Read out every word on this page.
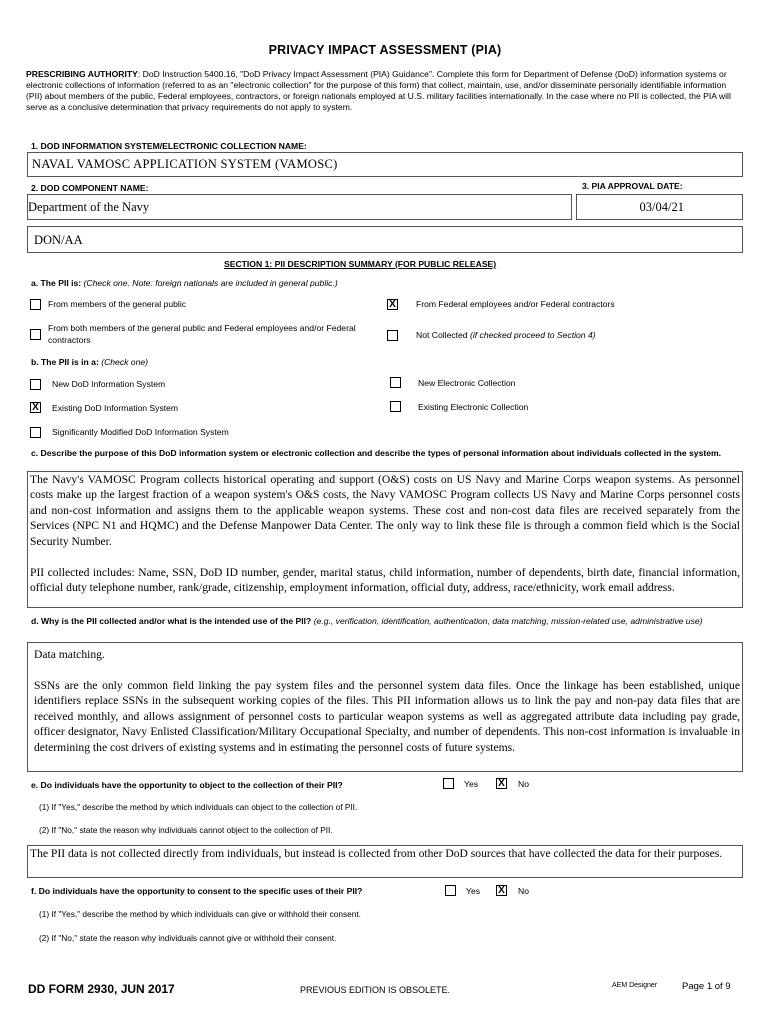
PRIVACY IMPACT ASSESSMENT (PIA)
PRESCRIBING AUTHORITY: DoD Instruction 5400.16, "DoD Privacy Impact Assessment (PIA) Guidance". Complete this form for Department of Defense (DoD) information systems or electronic collections of information (referred to as an "electronic collection" for the purpose of this form) that collect, maintain, use, and/or disseminate personally identifiable information (PII) about members of the public, Federal employees, contractors, or foreign nationals employed at U.S. military facilities internationally. In the case where no PII is collected, the PIA will serve as a conclusive determination that privacy requirements do not apply to system.
1. DOD INFORMATION SYSTEM/ELECTRONIC COLLECTION NAME:
NAVAL VAMOSC APPLICATION SYSTEM (VAMOSC)
2. DOD COMPONENT NAME:	3. PIA APPROVAL DATE:
Department of the Navy	03/04/21
DON/AA
SECTION 1: PII DESCRIPTION SUMMARY (FOR PUBLIC RELEASE)
a. The PII is: (Check one. Note: foreign nationals are included in general public.)
From members of the general public	X From Federal employees and/or Federal contractors
From both members of the general public and Federal employees and/or Federal contractors	Not Collected (if checked proceed to Section 4)
b. The PII is in a: (Check one)
New DoD Information System	New Electronic Collection
X Existing DoD Information System	Existing Electronic Collection
Significantly Modified DoD Information System
c. Describe the purpose of this DoD information system or electronic collection and describe the types of personal information about individuals collected in the system.
The Navy's VAMOSC Program collects historical operating and support (O&S) costs on US Navy and Marine Corps weapon systems. As personnel costs make up the largest fraction of a weapon system's O&S costs, the Navy VAMOSC Program collects US Navy and Marine Corps personnel costs and non-cost information and assigns them to the applicable weapon systems. These cost and non-cost data files are received separately from the Services (NPC N1 and HQMC) and the Defense Manpower Data Center. The only way to link these file is through a common field which is the Social Security Number.
PII collected includes: Name, SSN, DoD ID number, gender, marital status, child information, number of dependents, birth date, financial information, official duty telephone number, rank/grade, citizenship, employment information, official duty, address, race/ethnicity, work email address.
d. Why is the PII collected and/or what is the intended use of the PII? (e.g., verification, identification, authentication, data matching, mission-related use, administrative use)
Data matching.
SSNs are the only common field linking the pay system files and the personnel system data files. Once the linkage has been established, unique identifiers replace SSNs in the subsequent working copies of the files. This PII information allows us to link the pay and non-pay data files that are received monthly, and allows assignment of personnel costs to particular weapon systems as well as aggregated attribute data including pay grade, officer designator, Navy Enlisted Classification/Military Occupational Specialty, and number of dependents. This non-cost information is invaluable in determining the cost drivers of existing systems and in estimating the personnel costs of future systems.
e. Do individuals have the opportunity to object to the collection of their PII?	Yes X No
(1) If "Yes," describe the method by which individuals can object to the collection of PII.
(2) If "No," state the reason why individuals cannot object to the collection of PII.
The PII data is not collected directly from individuals, but instead is collected from other DoD sources that have collected the data for their purposes.
f. Do individuals have the opportunity to consent to the specific uses of their PII?	Yes X No
(1) If "Yes," describe the method by which individuals can give or withhold their consent.
(2) If "No," state the reason why individuals cannot give or withhold their consent.
DD FORM 2930, JUN 2017	PREVIOUS EDITION IS OBSOLETE.	AEM Designer	Page 1 of 9
